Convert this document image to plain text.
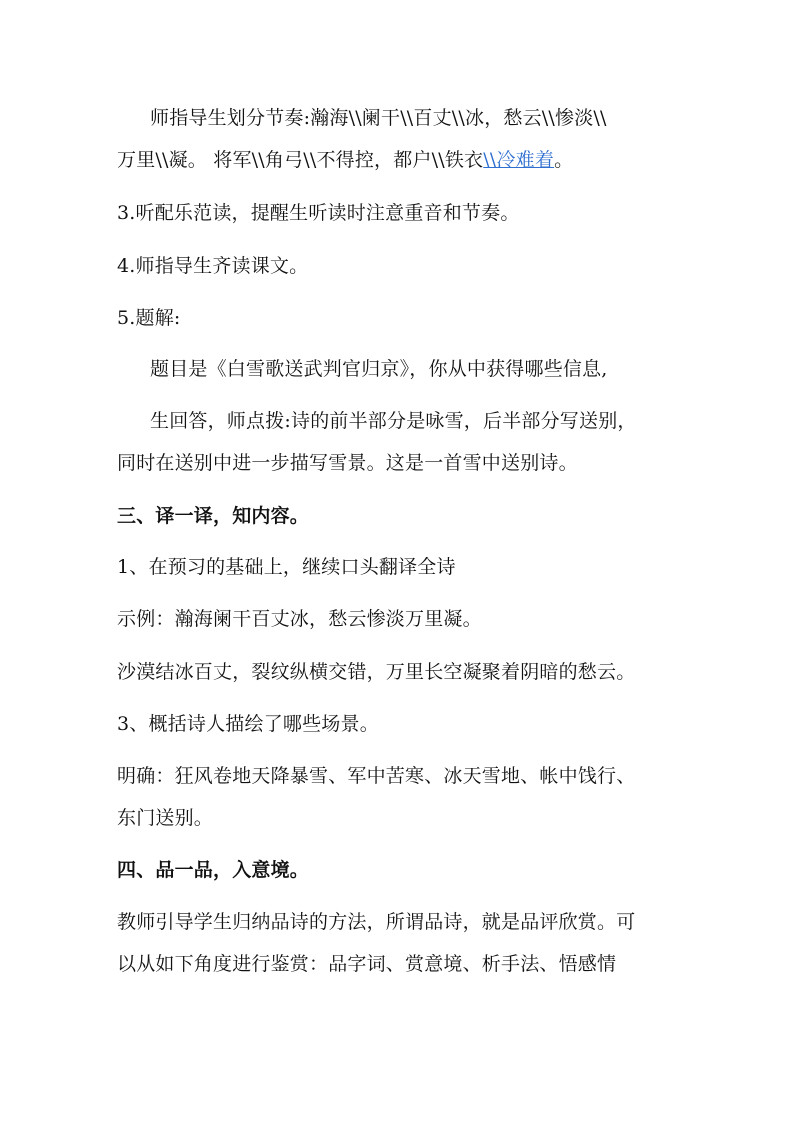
师指导生划分节奏:瀚海\\阑干\\百丈\\冰，愁云\\惨淡\\
万里\\凝。 将军\\角弓\\不得控，都户\\铁衣\\冷难着。
3.听配乐范读，提醒生听读时注意重音和节奏。
4.师指导生齐读课文。
5.题解:
题目是《白雪歌送武判官归京》，你从中获得哪些信息,
生回答，师点拨:诗的前半部分是咏雪，后半部分写送别，
同时在送别中进一步描写雪景。这是一首雪中送别诗。
三、译一译，知内容。
1、在预习的基础上，继续口头翻译全诗
示例：瀚海阑干百丈冰，愁云惨淡万里凝。
沙漠结冰百丈，裂纹纵横交错，万里长空凝聚着阴暗的愁云。
3、概括诗人描绘了哪些场景。
明确：狂风卷地天降暴雪、军中苦寒、冰天雪地、帐中饯行、
东门送别。
四、品一品，入意境。
教师引导学生归纳品诗的方法，所谓品诗，就是品评欣赏。可
以从如下角度进行鉴赏：品字词、赏意境、析手法、悟感情
